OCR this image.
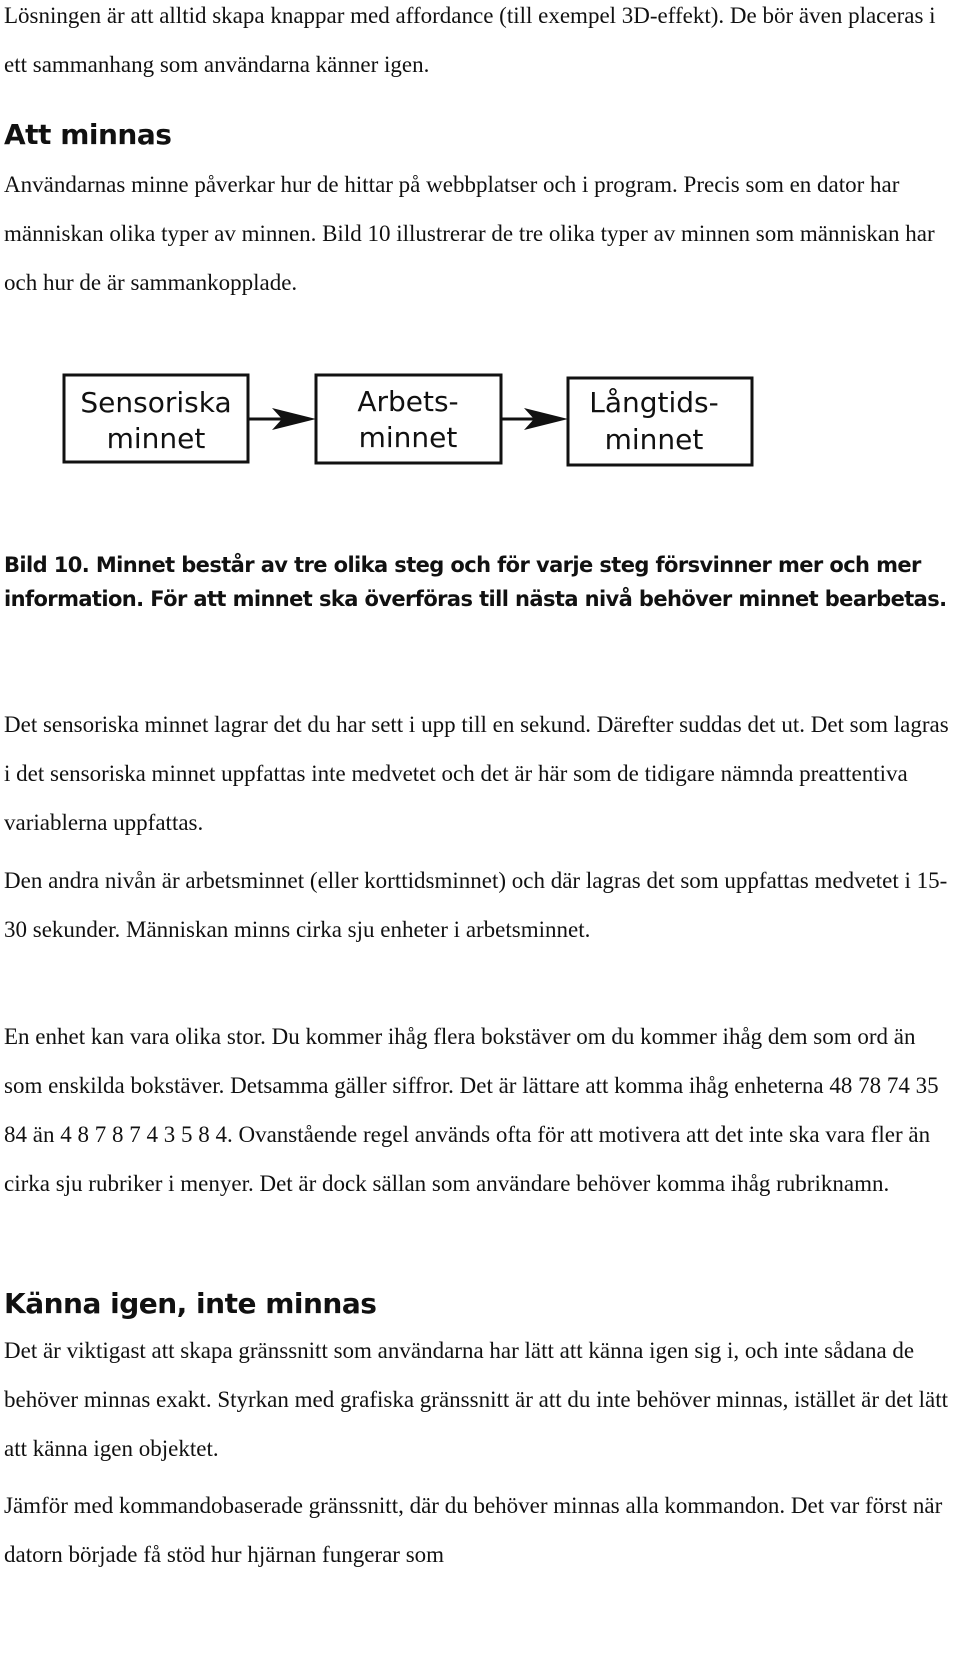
Lösningen är att alltid skapa knappar med affordance (till exempel 3D-effekt). De bör även placeras i ett sammanhang som användarna känner igen.

Att minnas

Användarnas minne påverkar hur de hittar på webbplatser och i program. Precis som en dator har människan olika typer av minnen. Bild 10 illustrerar de tre olika typer av minnen som människan har och hur de är sammankopplade.

Sensoriska
minnet
Arbets-
minnet
Långtids-
minnet

Bild 10. Minnet består av tre olika steg och för varje steg försvinner mer och mer information. För att minnet ska överföras till nästa nivå behöver minnet bearbetas.

Det sensoriska minnet lagrar det du har sett i upp till en sekund. Därefter suddas det ut. Det som lagras i det sensoriska minnet uppfattas inte medvetet och det är här som de tidigare nämnda preattentiva variablerna uppfattas.

Den andra nivån är arbetsminnet (eller korttidsminnet) och där lagras det som uppfattas medvetet i 15-30 sekunder. Människan minns cirka sju enheter i arbetsminnet.

En enhet kan vara olika stor. Du kommer ihåg flera bokstäver om du kommer ihåg dem som ord än som enskilda bokstäver. Detsamma gäller siffror. Det är lättare att komma ihåg enheterna 48 78 74 35 84 än 4 8 7 8 7 4 3 5 8 4. Ovanstående regel används ofta för att motivera att det inte ska vara fler än cirka sju rubriker i menyer. Det är dock sällan som användare behöver komma ihåg rubriknamn.

Känna igen, inte minnas

Det är viktigast att skapa gränssnitt som användarna har lätt att känna igen sig i, och inte sådana de behöver minnas exakt. Styrkan med grafiska gränssnitt är att du inte behöver minnas, istället är det lätt att känna igen objektet.

Jämför med kommandobaserade gränssnitt, där du behöver minnas alla kommandon. Det var först när datorn började få stöd hur hjärnan fungerar som
